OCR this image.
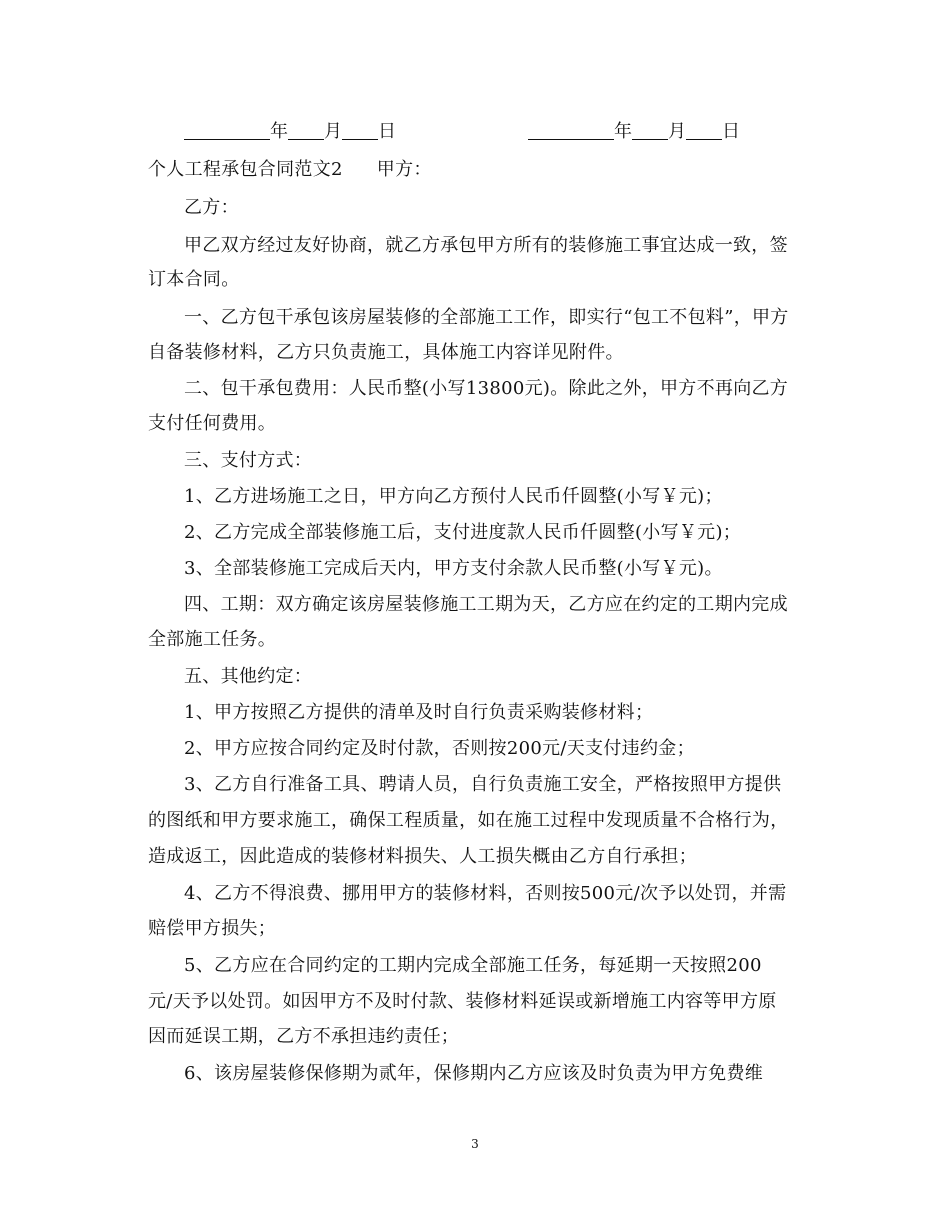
年 月 日	年 月 日
个人工程承包合同范文2 甲方：
乙方：
甲乙双方经过友好协商，就乙方承包甲方所有的装修施工事宜达成一致，签
订本合同。
一、乙方包干承包该房屋装修的全部施工工作，即实行“包工不包料”，甲方
自备装修材料，乙方只负责施工，具体施工内容详见附件。
二、包干承包费用：人民币整(小写13800元)。除此之外，甲方不再向乙方
支付任何费用。
三、支付方式：
1、乙方进场施工之日，甲方向乙方预付人民币仟圆整(小写￥元)；
2、乙方完成全部装修施工后，支付进度款人民币仟圆整(小写￥元)；
3、全部装修施工完成后天内，甲方支付余款人民币整(小写￥元)。
四、工期：双方确定该房屋装修施工工期为天，乙方应在约定的工期内完成
全部施工任务。
五、其他约定：
1、甲方按照乙方提供的清单及时自行负责采购装修材料；
2、甲方应按合同约定及时付款，否则按200元/天支付违约金；
3、乙方自行准备工具、聘请人员，自行负责施工安全，严格按照甲方提供
的图纸和甲方要求施工，确保工程质量，如在施工过程中发现质量不合格行为，
造成返工，因此造成的装修材料损失、人工损失概由乙方自行承担；
4、乙方不得浪费、挪用甲方的装修材料，否则按500元/次予以处罚，并需
赔偿甲方损失；
5、乙方应在合同约定的工期内完成全部施工任务，每延期一天按照200
元/天予以处罚。如因甲方不及时付款、装修材料延误或新增施工内容等甲方原
因而延误工期，乙方不承担违约责任；
6、该房屋装修保修期为贰年，保修期内乙方应该及时负责为甲方免费维
3
